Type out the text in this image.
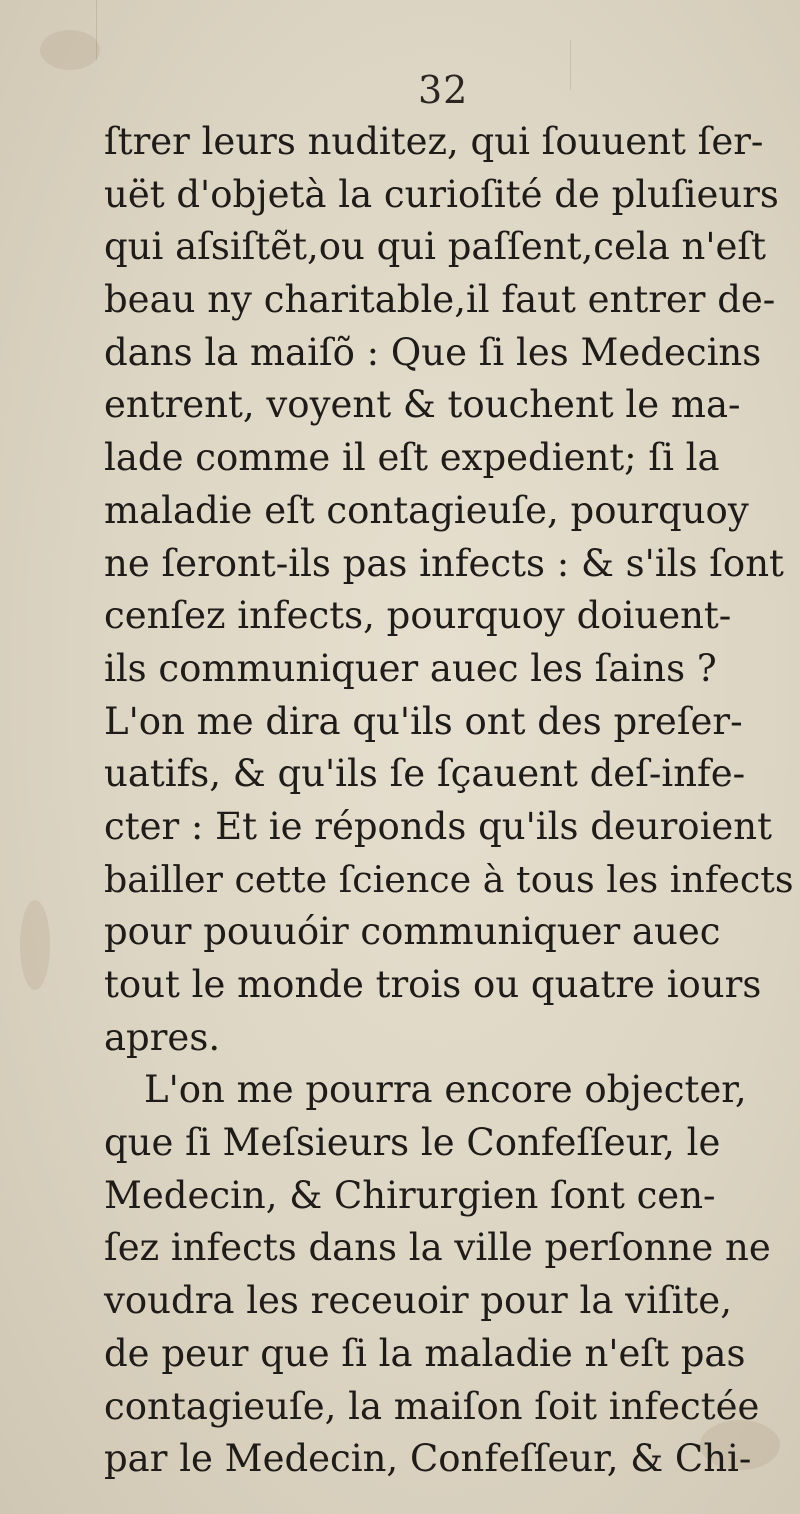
32
ſtrer leurs nuditez, qui ſouuent ſer-
uët d'objetà la curioſité de pluſieurs
qui aſsiſtẽt,ou qui paſſent,cela n'eſt
beau ny charitable,il faut entrer de-
dans la maiſõ : Que ſi les Medecins
entrent, voyent & touchent le ma-
lade comme il eſt expedient; ſi la
maladie eſt contagieuſe, pourquoy
ne ſeront-ils pas infects : & s'ils ſont
cenſez infects, pourquoy doiuent-
ils communiquer auec les ſains ?
L'on me dira qu'ils ont des preſer-
uatifs, & qu'ils ſe ſçauent deſ-infe-
cter : Et ie réponds qu'ils deuroient
bailler cette ſcience à tous les infects
pour pouuóir communiquer auec
tout le monde trois ou quatre iours
apres.
L'on me pourra encore objecter,
que ſi Meſsieurs le Confeſſeur, le
Medecin, & Chirurgien ſont cen-
ſez infects dans la ville perſonne ne
voudra les receuoir pour la viſite,
de peur que ſi la maladie n'eſt pas
contagieuſe, la maiſon ſoit infectée
par le Medecin, Confeſſeur, & Chi-
